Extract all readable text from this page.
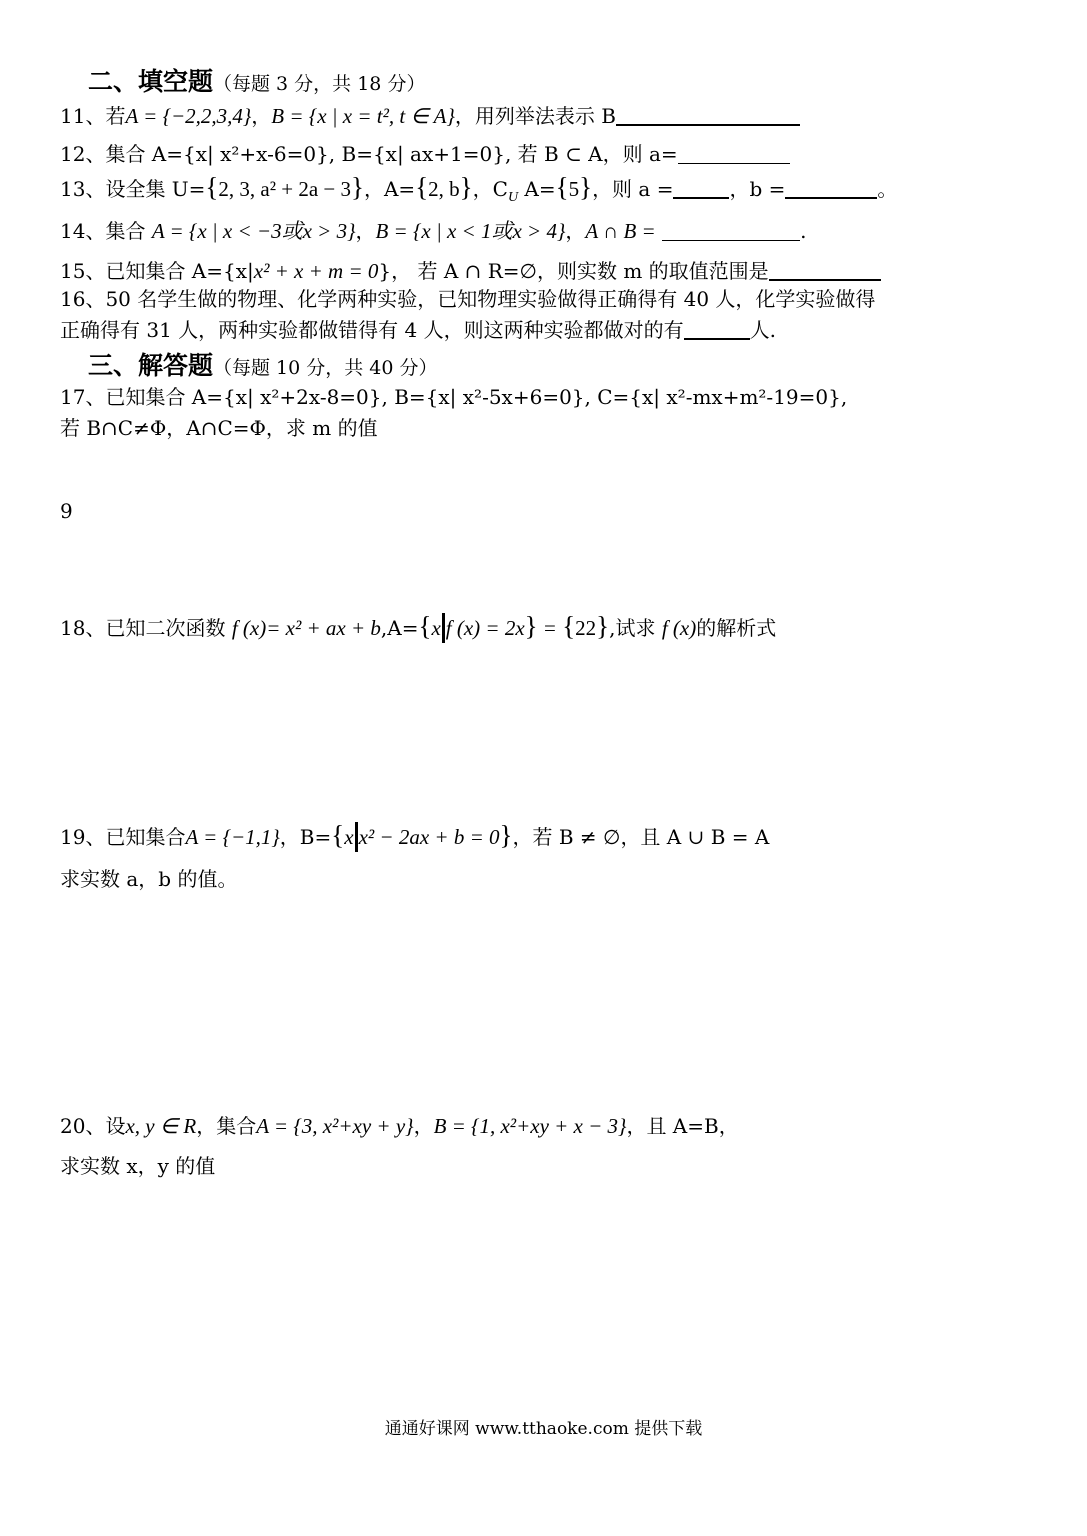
二、填空题（每题 3 分，共 18 分）
11、若A = {−2,2,3,4}，B = {x | x = t², t ∈ A}，用列举法表示 B
12、集合 A={x| x²+x-6=0}, B={x| ax+1=0}, 若 B ⊂ A，则 a=
13、设全集 U={2, 3, a² + 2a − 3}，A={2, b}，$C_U$ A={5}，则 a =	，b =	。
14、集合 A = {x | x < −3或x > 3}，B = {x | x < 1或x > 4}，A ∩ B =	.
15、已知集合 A={x|x² + x + m = 0}， 若 A ∩ R=∅，则实数 m 的取值范围是
16、50 名学生做的物理、化学两种实验，已知物理实验做得正确得有 40 人，化学实验做得
正确得有 31 人，两种实验都做错得有 4 人，则这两种实验都做对的有	人.
三、解答题（每题 10 分，共 40 分）
17、已知集合 A={x| x²+2x-8=0}, B={x| x²-5x+6=0}, C={x| x²-mx+m²-19=0},
若 B∩C≠Φ，A∩C=Φ，求 m 的值
9
18、已知二次函数 f (x)= x² + ax + b,A={x f (x) = 2x} = {22},试求 f (x)的解析式
19、已知集合A = {−1,1}，B={x x² − 2ax + b = 0}，若 B ≠ ∅，且 A ∪ B = A
求实数 a，b 的值。
20、设x, y ∈ R，集合A = {3, x²+xy + y}，B = {1, x²+xy + x − 3}，且 A=B，
求实数 x，y 的值
通通好课网 www.tthaoke.com 提供下载
